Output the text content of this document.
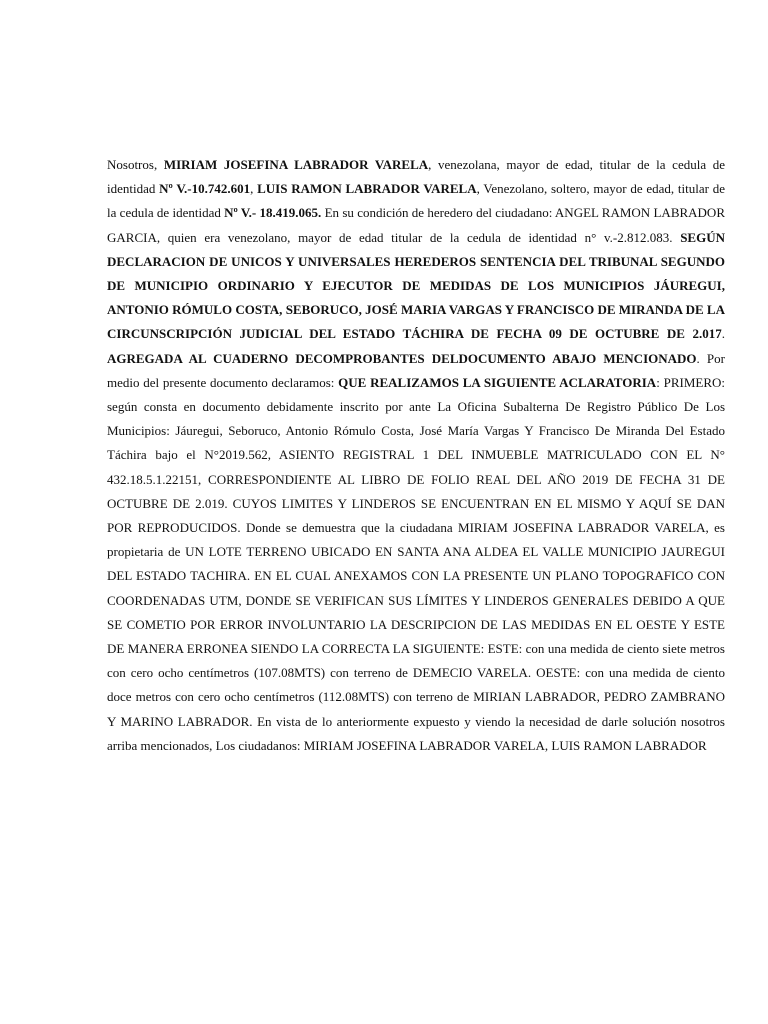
Nosotros, MIRIAM JOSEFINA LABRADOR VARELA, venezolana, mayor de edad, titular de la cedula de identidad Nº V.-10.742.601, LUIS RAMON LABRADOR VARELA, Venezolano, soltero, mayor de edad, titular de la cedula de identidad Nº V.- 18.419.065. En su condición de heredero del ciudadano: ANGEL RAMON LABRADOR GARCIA, quien era venezolano, mayor de edad titular de la cedula de identidad n° v.-2.812.083. SEGÚN DECLARACION DE UNICOS Y UNIVERSALES HEREDEROS SENTENCIA DEL TRIBUNAL SEGUNDO DE MUNICIPIO ORDINARIO Y EJECUTOR DE MEDIDAS DE LOS MUNICIPIOS JÁUREGUI, ANTONIO RÓMULO COSTA, SEBORUCO, JOSÉ MARIA VARGAS Y FRANCISCO DE MIRANDA DE LA CIRCUNSCRIPCIÓN JUDICIAL DEL ESTADO TÁCHIRA DE FECHA 09 DE OCTUBRE DE 2.017. AGREGADA AL CUADERNO DECOMPROBANTES DELDOCUMENTO ABAJO MENCIONADO. Por medio del presente documento declaramos: QUE REALIZAMOS LA SIGUIENTE ACLARATORIA: PRIMERO: según consta en documento debidamente inscrito por ante La Oficina Subalterna De Registro Público De Los Municipios: Jáuregui, Seboruco, Antonio Rómulo Costa, José María Vargas Y Francisco De Miranda Del Estado Táchira bajo el N°2019.562, ASIENTO REGISTRAL 1 DEL INMUEBLE MATRICULADO CON EL N° 432.18.5.1.22151, CORRESPONDIENTE AL LIBRO DE FOLIO REAL DEL AÑO 2019 DE FECHA 31 DE OCTUBRE DE 2.019. CUYOS LIMITES Y LINDEROS SE ENCUENTRAN EN EL MISMO Y AQUÍ SE DAN POR REPRODUCIDOS. Donde se demuestra que la ciudadana MIRIAM JOSEFINA LABRADOR VARELA, es propietaria de UN LOTE TERRENO UBICADO EN SANTA ANA ALDEA EL VALLE MUNICIPIO JAUREGUI DEL ESTADO TACHIRA. EN EL CUAL ANEXAMOS CON LA PRESENTE UN PLANO TOPOGRAFICO CON COORDENADAS UTM, DONDE SE VERIFICAN SUS LÍMITES Y LINDEROS GENERALES DEBIDO A QUE SE COMETIO POR ERROR INVOLUNTARIO LA DESCRIPCION DE LAS MEDIDAS EN EL OESTE Y ESTE DE MANERA ERRONEA SIENDO LA CORRECTA LA SIGUIENTE: ESTE: con una medida de ciento siete metros con cero ocho centímetros (107.08MTS) con terreno de DEMECIO VARELA. OESTE: con una medida de ciento doce metros con cero ocho centímetros (112.08MTS) con terreno de MIRIAN LABRADOR, PEDRO ZAMBRANO Y MARINO LABRADOR. En vista de lo anteriormente expuesto y viendo la necesidad de darle solución nosotros arriba mencionados, Los ciudadanos: MIRIAM JOSEFINA LABRADOR VARELA, LUIS RAMON LABRADOR
